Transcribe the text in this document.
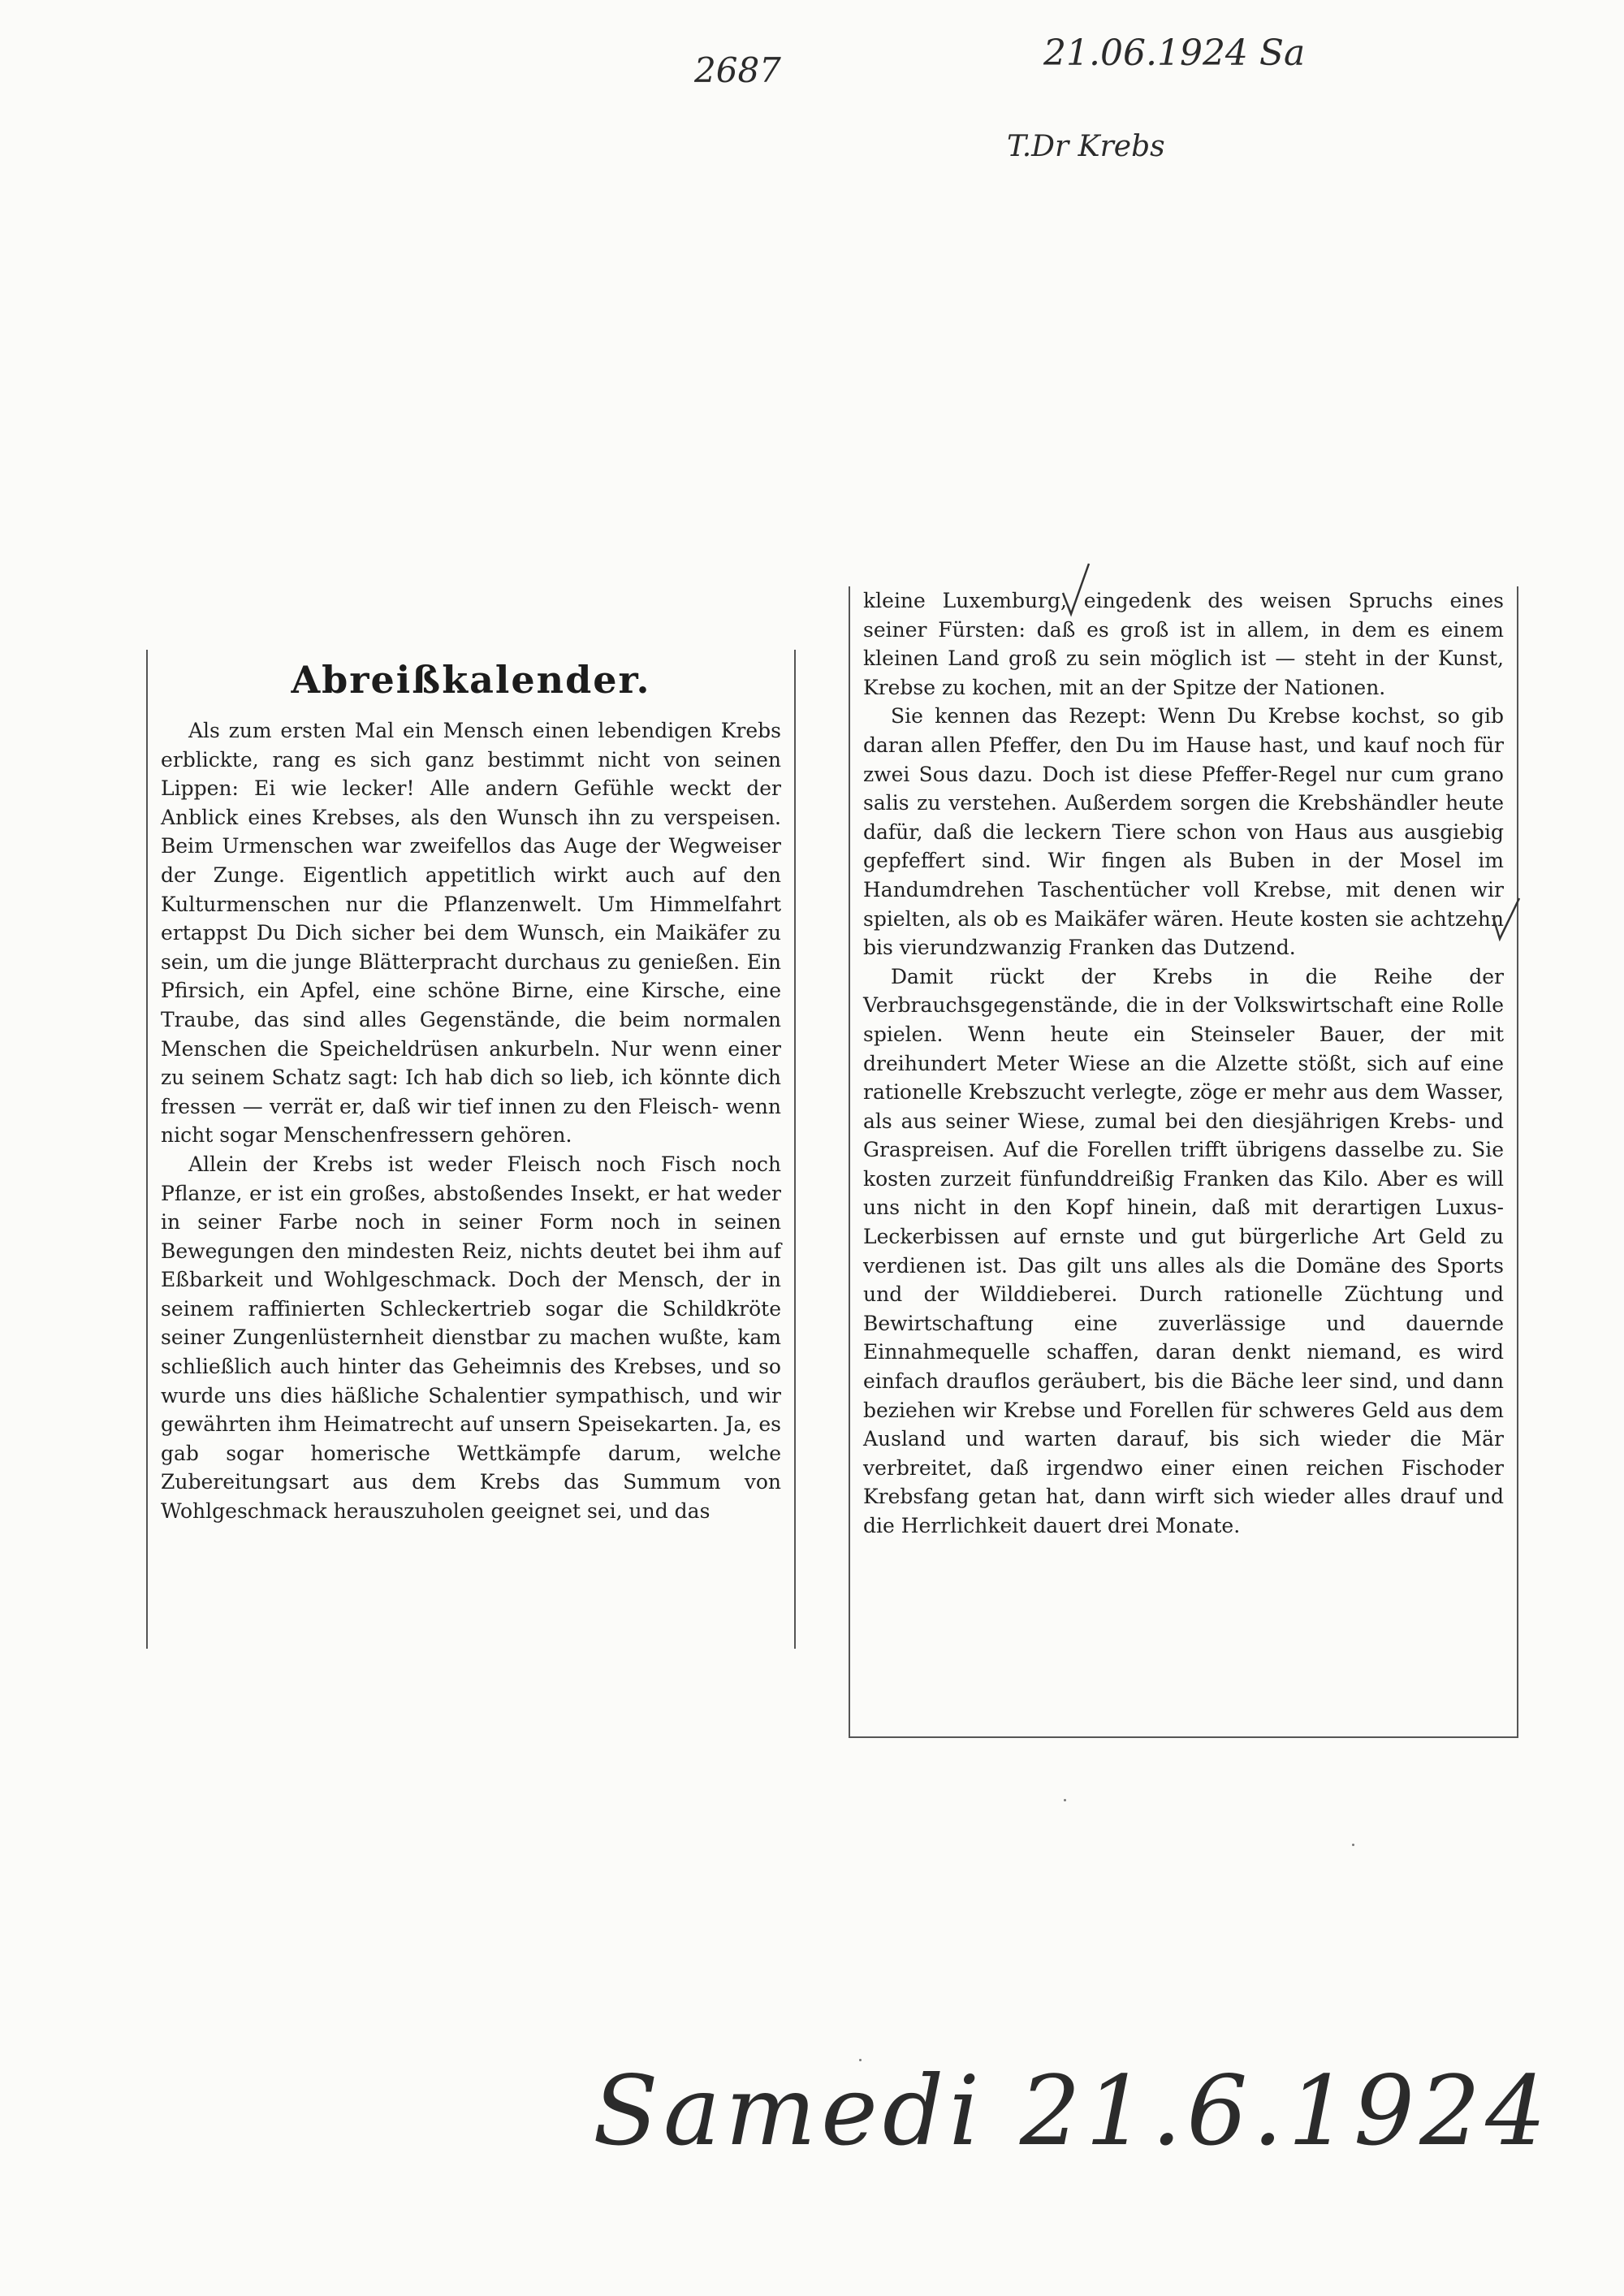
2687	21.06.1924 Sa
T.Dr Krebs
Abreißkalender.

Als zum ersten Mal ein Mensch einen lebendigen Krebs erblickte, rang es sich ganz bestimmt nicht von seinen Lippen: Ei wie lecker! Alle andern Gefühle weckt der Anblick eines Krebses, als den Wunsch ihn zu verspeisen. Beim Urmenschen war zweifellos das Auge der Wegweiser der Zunge. Eigentlich appetitlich wirkt auch auf den Kulturmenschen nur die Pflanzenwelt. Um Himmelfahrt ertappst Du Dich sicher bei dem Wunsch, ein Maikäfer zu sein, um die junge Blätterpracht durchaus zu genießen. Ein Pfirsich, ein Apfel, eine schöne Birne, eine Kirsche, eine Traube, das sind alles Gegenstände, die beim normalen Menschen die Speicheldrüsen ankurbeln. Nur wenn einer zu seinem Schatz sagt: Ich hab dich so lieb, ich könnte dich fressen — verrät er, daß wir tief innen zu den Fleisch- wenn nicht sogar Menschenfressern gehören.

Allein der Krebs ist weder Fleisch noch Fisch noch Pflanze, er ist ein großes, abstoßendes Insekt, er hat weder in seiner Farbe noch in seiner Form noch in seinen Bewegungen den mindesten Reiz, nichts deutet bei ihm auf Eßbarkeit und Wohlgeschmack. Doch der Mensch, der in seinem raffinierten Schleckertrieb sogar die Schildkröte seiner Zungenlüsternheit dienstbar zu machen wußte, kam schließlich auch hinter das Geheimnis des Krebses, und so wurde uns dies häßliche Schalentier sympathisch, und wir gewährten ihm Heimatrecht auf unsern Speisekarten. Ja, es gab sogar homerische Wettkämpfe darum, welche Zubereitungsart aus dem Krebs das Summum von Wohlgeschmack herauszuholen geeignet sei, und das

kleine Luxemburg, eingedenk des weisen Spruchs eines seiner Fürsten: daß es groß ist in allem, in dem es einem kleinen Land groß zu sein möglich ist — steht in der Kunst, Krebse zu kochen, mit an der Spitze der Nationen.

Sie kennen das Rezept: Wenn Du Krebse kochst, so gib daran allen Pfeffer, den Du im Hause hast, und kauf noch für zwei Sous dazu. Doch ist diese Pfeffer-Regel nur cum grano salis zu verstehen. Außerdem sorgen die Krebshändler heute dafür, daß die leckern Tiere schon von Haus aus ausgiebig gepfeffert sind. Wir fingen als Buben in der Mosel im Handumdrehen Taschentücher voll Krebse, mit denen wir spielten, als ob es Maikäfer wären. Heute kosten sie achtzehn bis vierundzwanzig Franken das Dutzend.

Damit rückt der Krebs in die Reihe der Verbrauchsgegenstände, die in der Volkswirtschaft eine Rolle spielen. Wenn heute ein Steinseler Bauer, der mit dreihundert Meter Wiese an die Alzette stößt, sich auf eine rationelle Krebszucht verlegte, zöge er mehr aus dem Wasser, als aus seiner Wiese, zumal bei den diesjährigen Krebs- und Graspreisen. Auf die Forellen trifft übrigens dasselbe zu. Sie kosten zurzeit fünfunddreißig Franken das Kilo. Aber es will uns nicht in den Kopf hinein, daß mit derartigen Luxus-Leckerbissen auf ernste und gut bürgerliche Art Geld zu verdienen ist. Das gilt uns alles als die Domäne des Sports und der Wilddieberei. Durch rationelle Züchtung und Bewirtschaftung eine zuverlässige und dauernde Einnahmequelle schaffen, daran denkt niemand, es wird einfach drauflos geräubert, bis die Bäche leer sind, und dann beziehen wir Krebse und Forellen für schweres Geld aus dem Ausland und warten darauf, bis sich wieder die Mär verbreitet, daß irgendwo einer einen reichen Fischoder Krebsfang getan hat, dann wirft sich wieder alles drauf und die Herrlichkeit dauert drei Monate.

Samedi 21.6.1924
